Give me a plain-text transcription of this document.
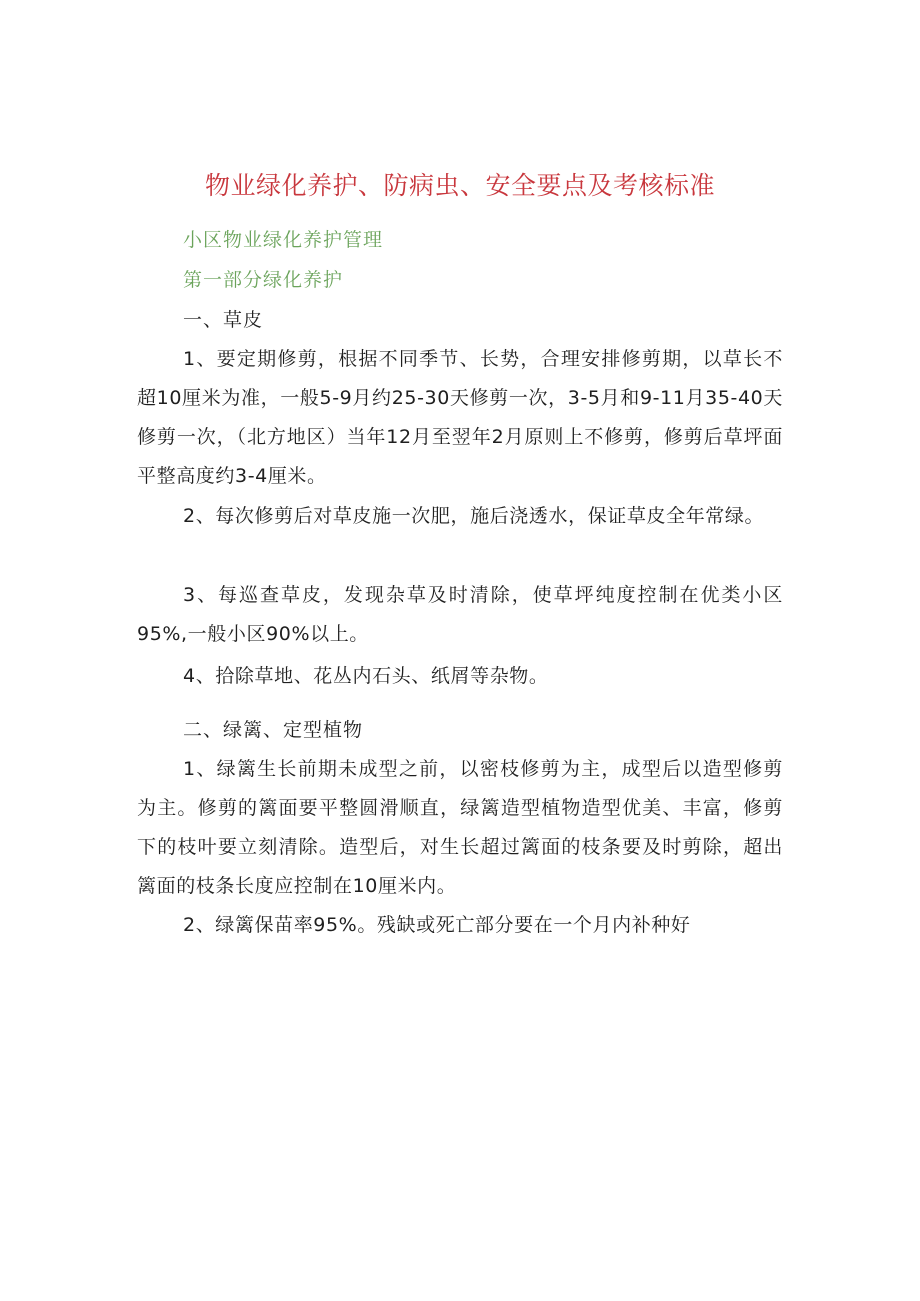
物业绿化养护、防病虫、安全要点及考核标准
小区物业绿化养护管理
第一部分绿化养护
一、草皮

1、要定期修剪，根据不同季节、长势，合理安排修剪期，以草长不超10厘米为准，一般5-9月约25-30天修剪一次，3-5月和9-11月35-40天修剪一次，（北方地区）当年12月至翌年2月原则上不修剪，修剪后草坪面平整高度约3-4厘米。

2、每次修剪后对草皮施一次肥，施后浇透水，保证草皮全年常绿。

3、每巡查草皮，发现杂草及时清除，使草坪纯度控制在优类小区95%,一般小区90%以上。

4、拾除草地、花丛内石头、纸屑等杂物。

二、绿篱、定型植物

1、绿篱生长前期未成型之前，以密枝修剪为主，成型后以造型修剪为主。修剪的篱面要平整圆滑顺直，绿篱造型植物造型优美、丰富，修剪下的枝叶要立刻清除。造型后，对生长超过篱面的枝条要及时剪除，超出篱面的枝条长度应控制在10厘米内。

2、绿篱保苗率95%。残缺或死亡部分要在一个月内补种好
